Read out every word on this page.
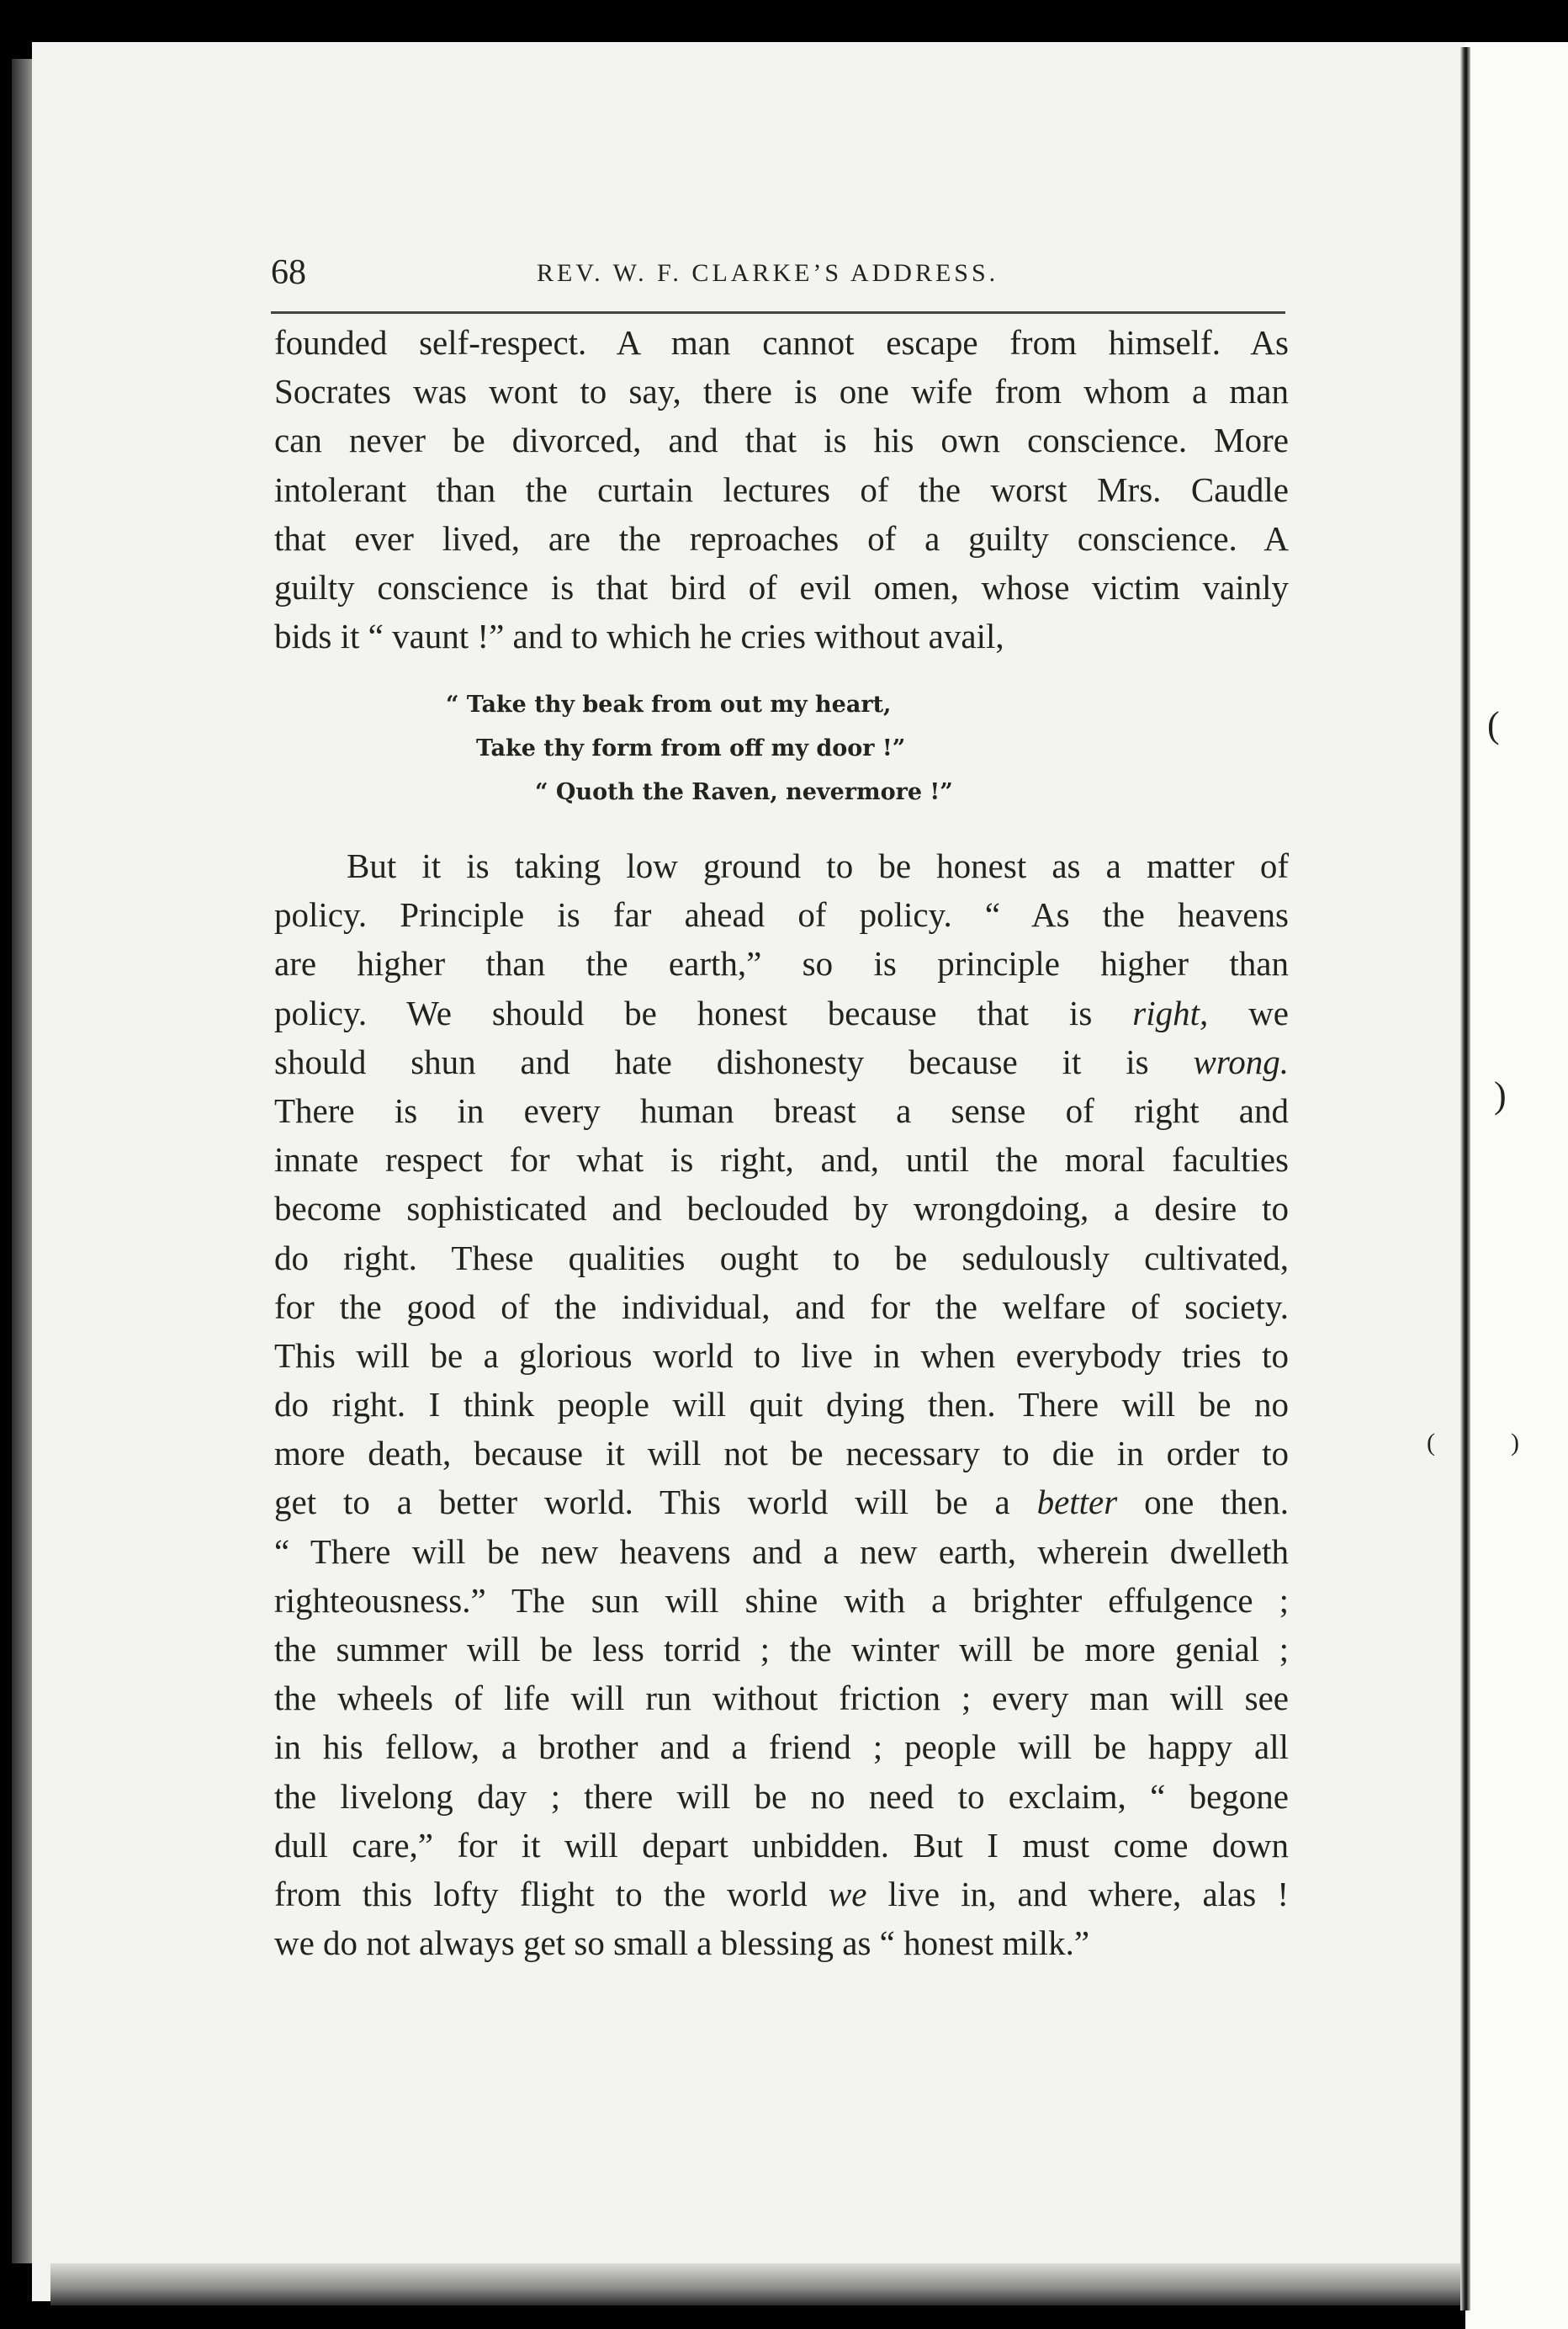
(
)
(	)
68	REV. W. F. CLARKE’S ADDRESS.
founded self-respect. A man cannot escape from himself. As
Socrates was wont to say, there is one wife from whom a man
can never be divorced, and that is his own conscience. More
intolerant than the curtain lectures of the worst Mrs. Caudle
that ever lived, are the reproaches of a guilty conscience. A
guilty conscience is that bird of evil omen, whose victim vainly
bids it “ vaunt !” and to which he cries without avail,
“ Take thy beak from out my heart,
Take thy form from off my door !”
“ Quoth the Raven, nevermore !”
But it is taking low ground to be honest as a matter of
policy. Principle is far ahead of policy. “ As the heavens
are higher than the earth,” so is principle higher than
policy. We should be honest because that is right, we
should shun and hate dishonesty because it is wrong.
There is in every human breast a sense of right and
innate respect for what is right, and, until the moral faculties
become sophisticated and beclouded by wrongdoing, a desire to
do right. These qualities ought to be sedulously cultivated,
for the good of the individual, and for the welfare of society.
This will be a glorious world to live in when everybody tries to
do right. I think people will quit dying then. There will be no
more death, because it will not be necessary to die in order to
get to a better world. This world will be a better one then.
“ There will be new heavens and a new earth, wherein dwelleth
righteousness.” The sun will shine with a brighter effulgence ;
the summer will be less torrid ; the winter will be more genial ;
the wheels of life will run without friction ; every man will see
in his fellow, a brother and a friend ; people will be happy all
the livelong day ; there will be no need to exclaim, “ begone
dull care,” for it will depart unbidden. But I must come down
from this lofty flight to the world we live in, and where, alas !
we do not always get so small a blessing as “ honest milk.”
